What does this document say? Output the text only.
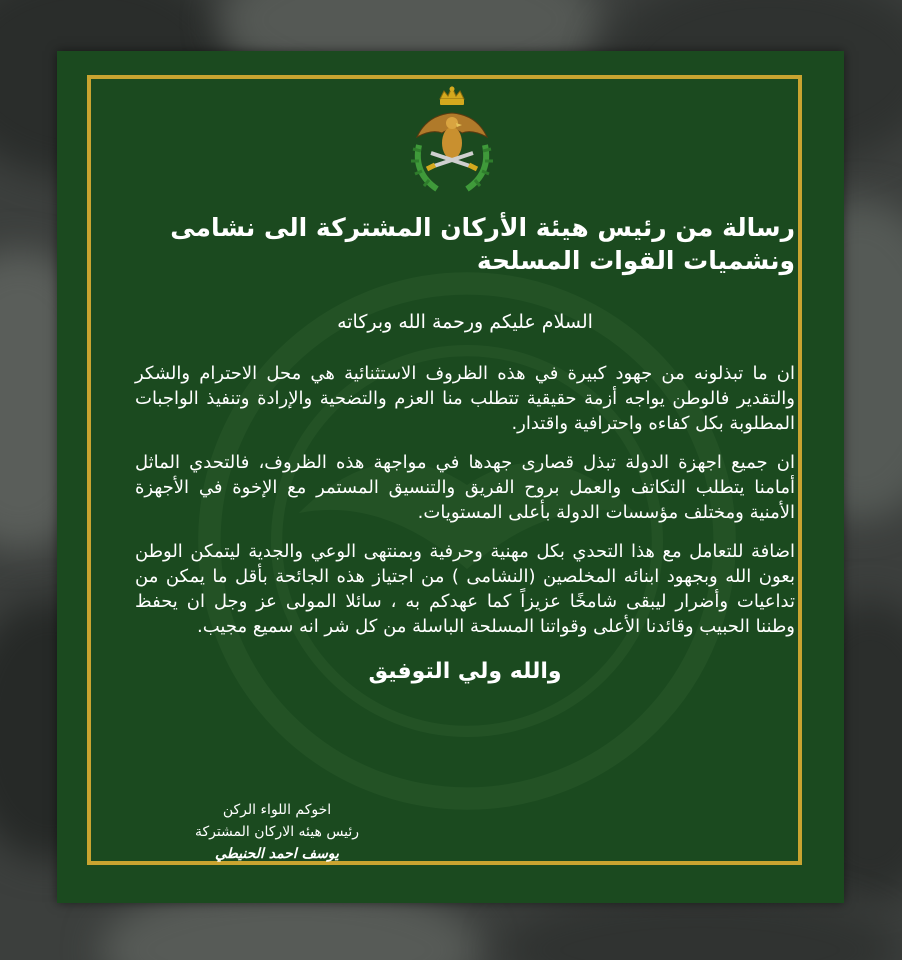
رسالة من رئيس هيئة الأركان المشتركة الى نشامى
ونشميات القوات المسلحة
السلام عليكم ورحمة الله وبركاته
ان ما تبذلونه من جهود كبيرة في هذه الظروف الاستثنائية هي محل الاحترام والشكر والتقدير فالوطن يواجه أزمة حقيقية تتطلب منا العزم والتضحية والإرادة وتنفيذ الواجبات المطلوبة بكل كفاءه واحترافية واقتدار.
ان جميع اجهزة الدولة تبذل قصارى جهدها في مواجهة هذه الظروف، فالتحدي الماثل أمامنا يتطلب التكاتف والعمل بروح الفريق والتنسيق المستمر مع الإخوة في الأجهزة الأمنية ومختلف مؤسسات الدولة بأعلى المستويات.
اضافة للتعامل مع هذا التحدي بكل مهنية وحرفية وبمنتهى الوعي والجدية ليتمكن الوطن بعون الله وبجهود ابنائه المخلصين (النشامى ) من اجتياز هذه الجائحة بأقل ما يمكن من تداعيات وأضرار ليبقى شامخًا عزيزاً كما عهدكم به ، سائلا المولى عز وجل ان يحفظ وطننا الحبيب وقائدنا الأعلى وقواتنا المسلحة الباسلة من كل شر انه سميع مجيب.
والله ولي التوفيق
اخوكم اللواء الركن
رئيس هيئه الاركان المشتركة
يوسف احمد الحنيطي
